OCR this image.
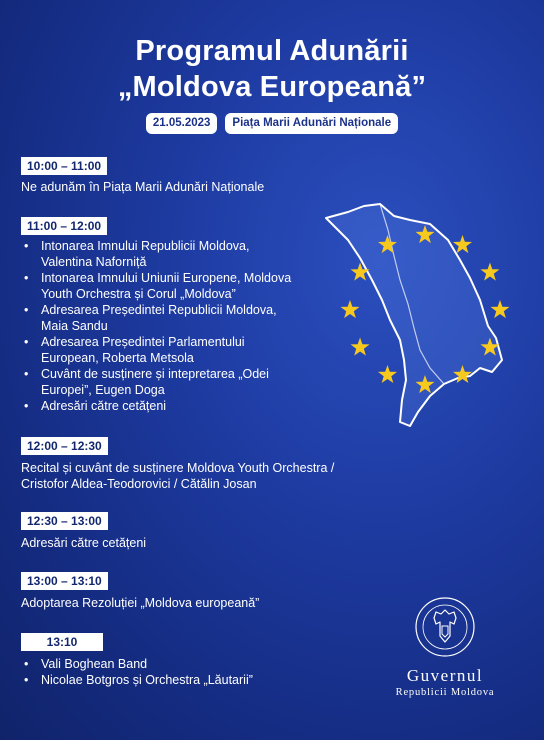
Programul Adunării
„Moldova Europeană”
21.05.2023	Piața Marii Adunări Naționale
10:00 – 11:00
Ne adunăm în Piața Marii Adunări Naționale
11:00 – 12:00
• Intonarea Imnului Republicii Moldova,
Valentina Naforniță
• Intonarea Imnului Uniunii Europene, Moldova
Youth Orchestra și Corul „Moldova”
• Adresarea Președintei Republicii Moldova,
Maia Sandu
• Adresarea Președintei Parlamentului
European, Roberta Metsola
• Cuvânt de susținere și intepretarea „Odei
Europei”, Eugen Doga
• Adresări către cetățeni
12:00 – 12:30
Recital și cuvânt de susținere Moldova Youth Orchestra /
Cristofor Aldea-Teodorovici / Cătălin Josan
12:30 – 13:00
Adresări către cetățeni
13:00 – 13:10
Adoptarea Rezoluției „Moldova europeană”
13:10
• Vali Boghean Band
• Nicolae Botgros și Orchestra „Lăutarii”	Guvernul
Republicii Moldova
